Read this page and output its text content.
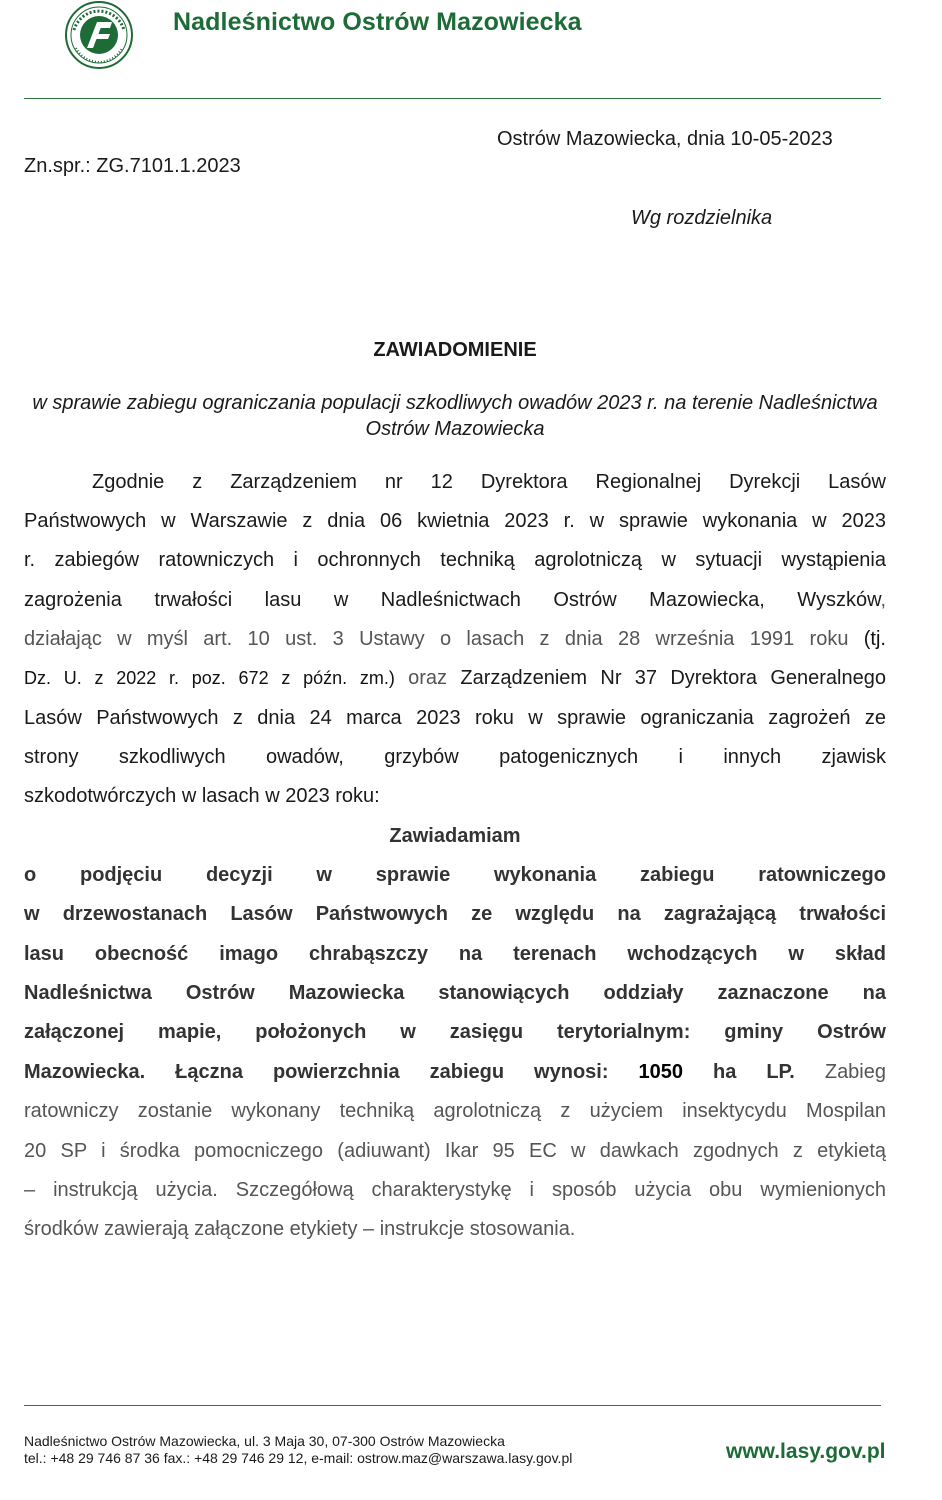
Nadleśnictwo Ostrów Mazowiecka
Ostrów Mazowiecka, dnia 10-05-2023
Zn.spr.: ZG.7101.1.2023
Wg rozdzielnika
ZAWIADOMIENIE
w sprawie zabiegu ograniczania populacji szkodliwych owadów 2023 r. na terenie Nadleśnictwa Ostrów Mazowiecka
Zgodnie z Zarządzeniem nr 12 Dyrektora Regionalnej Dyrekcji Lasów
Państwowych w Warszawie z dnia 06 kwietnia 2023 r. w sprawie wykonania w 2023
r. zabiegów ratowniczych i ochronnych techniką agrolotniczą w sytuacji wystąpienia
zagrożenia trwałości lasu w Nadleśnictwach Ostrów Mazowiecka, Wyszków,
działając w myśl art. 10 ust. 3 Ustawy o lasach z dnia 28 września 1991 roku (tj.
Dz. U. z 2022 r. poz. 672 z późn. zm.) oraz Zarządzeniem Nr 37 Dyrektora Generalnego
Lasów Państwowych z dnia 24 marca 2023 roku w sprawie ograniczania zagrożeń ze
strony szkodliwych owadów, grzybów patogenicznych i innych zjawisk
szkodotwórczych w lasach w 2023 roku:
Zawiadamiam
o podjęciu decyzji w sprawie wykonania zabiegu ratowniczego
w drzewostanach Lasów Państwowych ze względu na zagrażającą trwałości
lasu obecność imago chrabąszczy na terenach wchodzących w skład
Nadleśnictwa Ostrów Mazowiecka stanowiących oddziały zaznaczone na
załączonej mapie, położonych w zasięgu terytorialnym: gminy Ostrów
Mazowiecka. Łączna powierzchnia zabiegu wynosi: 1050 ha LP. Zabieg
ratowniczy zostanie wykonany techniką agrolotniczą z użyciem insektycydu Mospilan
20 SP i środka pomocniczego (adiuwant) Ikar 95 EC w dawkach zgodnych z etykietą
– instrukcją użycia. Szczegółową charakterystykę i sposób użycia obu wymienionych
środków zawierają załączone etykiety – instrukcje stosowania.
Nadleśnictwo Ostrów Mazowiecka, ul. 3 Maja 30, 07-300 Ostrów Mazowiecka
tel.: +48 29 746 87 36 fax.: +48 29 746 29 12, e-mail: ostrow.maz@warszawa.lasy.gov.pl	www.lasy.gov.pl
